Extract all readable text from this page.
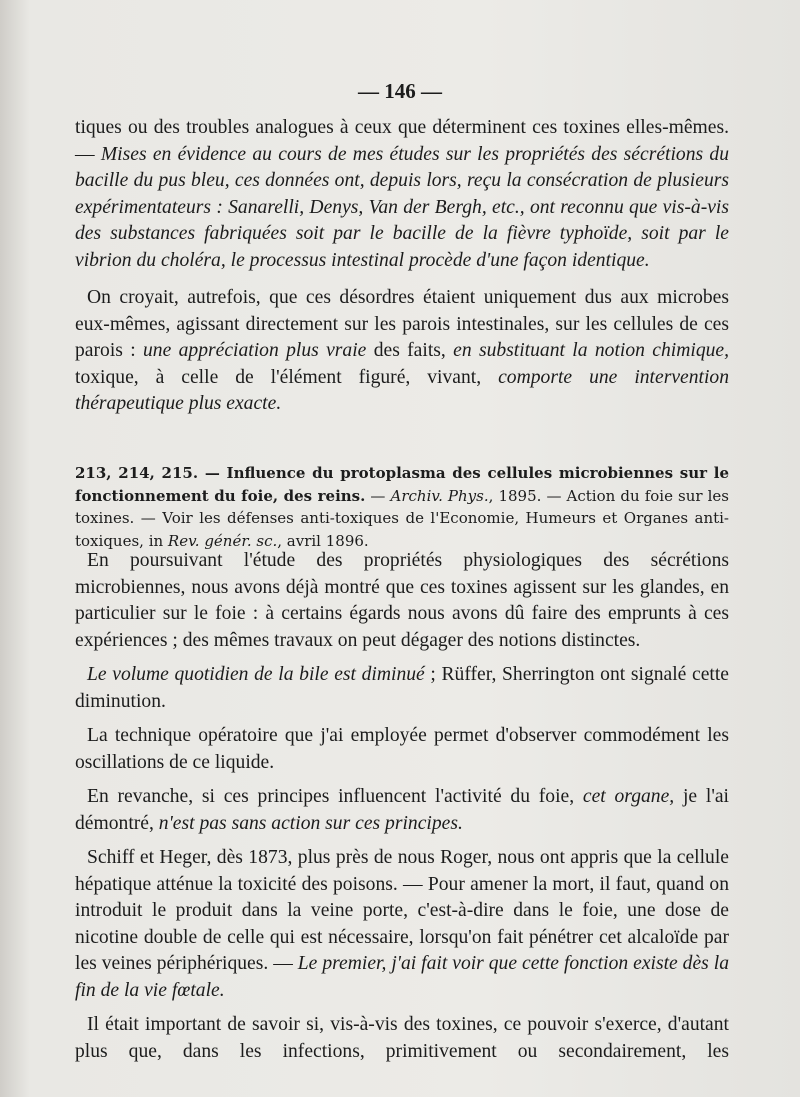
— 146 —

tiques ou des troubles analogues à ceux que déterminent ces toxines elles-mêmes. — Mises en évidence au cours de mes études sur les propriétés des sécrétions du bacille du pus bleu, ces données ont, depuis lors, reçu la consécration de plusieurs expérimentateurs : Sanarelli, Denys, Van der Bergh, etc., ont reconnu que vis-à-vis des substances fabriquées soit par le bacille de la fièvre typhoïde, soit par le vibrion du choléra, le processus intestinal procède d'une façon identique.

On croyait, autrefois, que ces désordres étaient uniquement dus aux microbes eux-mêmes, agissant directement sur les parois intestinales, sur les cellules de ces parois : une appréciation plus vraie des faits, en substituant la notion chimique, toxique, à celle de l'élément figuré, vivant, comporte une intervention thérapeutique plus exacte.

213, 214, 215. — Influence du protoplasma des cellules microbiennes sur le fonctionnement du foie, des reins. — Archiv. Phys., 1895. — Action du foie sur les toxines. — Voir les défenses anti-toxiques de l'Economie, Humeurs et Organes anti-toxiques, in Rev. génér. sc., avril 1896.

En poursuivant l'étude des propriétés physiologiques des sécrétions microbiennes, nous avons déjà montré que ces toxines agissent sur les glandes, en particulier sur le foie : à certains égards nous avons dû faire des emprunts à ces expériences ; des mêmes travaux on peut dégager des notions distinctes.

Le volume quotidien de la bile est diminué ; Rüffer, Sherrington ont signalé cette diminution.

La technique opératoire que j'ai employée permet d'observer commodément les oscillations de ce liquide.

En revanche, si ces principes influencent l'activité du foie, cet organe, je l'ai démontré, n'est pas sans action sur ces principes.

Schiff et Heger, dès 1873, plus près de nous Roger, nous ont appris que la cellule hépatique atténue la toxicité des poisons. — Pour amener la mort, il faut, quand on introduit le produit dans la veine porte, c'est-à-dire dans le foie, une dose de nicotine double de celle qui est nécessaire, lorsqu'on fait pénétrer cet alcaloïde par les veines périphériques. — Le premier, j'ai fait voir que cette fonction existe dès la fin de la vie fœtale.

Il était important de savoir si, vis-à-vis des toxines, ce pouvoir s'exerce, d'autant plus que, dans les infections, primitivement ou secondairement, les
